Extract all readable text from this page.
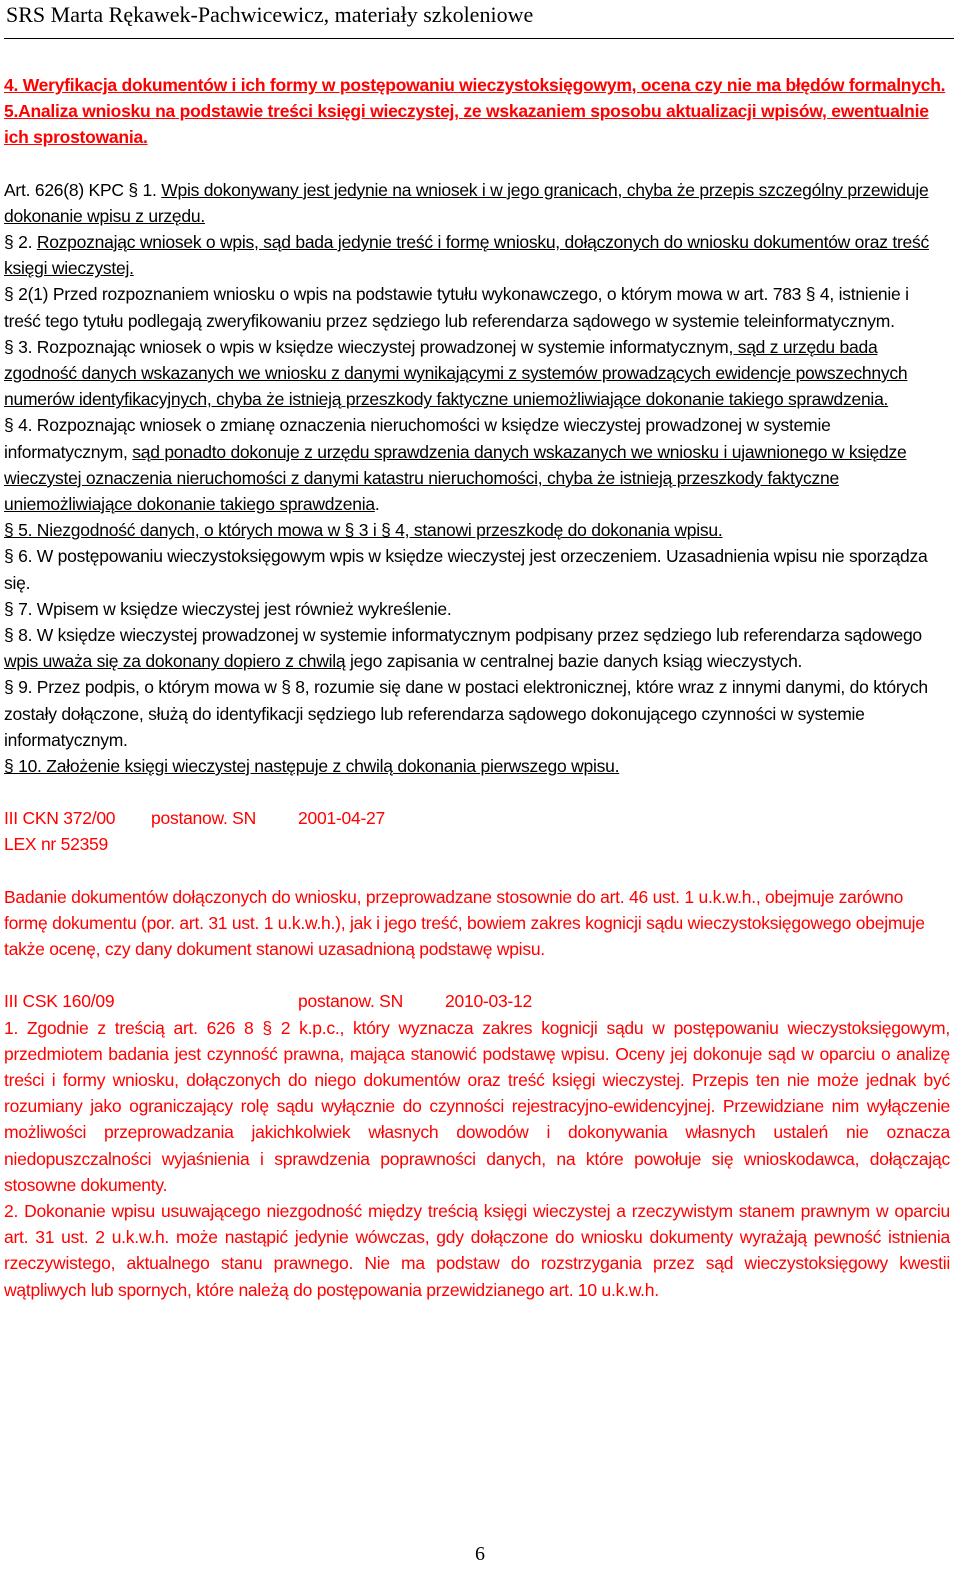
SRS Marta Rękawek-Pachwicewicz, materiały szkoleniowe

4. Weryfikacja dokumentów i ich formy w postępowaniu wieczystoksięgowym, ocena czy nie ma błędów formalnych.

5.Analiza wniosku na podstawie treści księgi wieczystej, ze wskazaniem sposobu aktualizacji wpisów, ewentualnie ich sprostowania.

Art. 626(8) KPC § 1. Wpis dokonywany jest jedynie na wniosek i w jego granicach, chyba że przepis szczególny przewiduje dokonanie wpisu z urzędu.

§ 2. Rozpoznając wniosek o wpis, sąd bada jedynie treść i formę wniosku, dołączonych do wniosku dokumentów oraz treść księgi wieczystej.

§ 2(1) Przed rozpoznaniem wniosku o wpis na podstawie tytułu wykonawczego, o którym mowa w art. 783 § 4, istnienie i treść tego tytułu podlegają zweryfikowaniu przez sędziego lub referendarza sądowego w systemie teleinformatycznym.

§ 3. Rozpoznając wniosek o wpis w księdze wieczystej prowadzonej w systemie informatycznym, sąd z urzędu bada zgodność danych wskazanych we wniosku z danymi wynikającymi z systemów prowadzących ewidencje powszechnych numerów identyfikacyjnych, chyba że istnieją przeszkody faktyczne uniemożliwiające dokonanie takiego sprawdzenia.

§ 4. Rozpoznając wniosek o zmianę oznaczenia nieruchomości w księdze wieczystej prowadzonej w systemie informatycznym, sąd ponadto dokonuje z urzędu sprawdzenia danych wskazanych we wniosku i ujawnionego w księdze wieczystej oznaczenia nieruchomości z danymi katastru nieruchomości, chyba że istnieją przeszkody faktyczne uniemożliwiające dokonanie takiego sprawdzenia.

§ 5. Niezgodność danych, o których mowa w § 3 i § 4, stanowi przeszkodę do dokonania wpisu.

§ 6. W postępowaniu wieczystoksięgowym wpis w księdze wieczystej jest orzeczeniem. Uzasadnienia wpisu nie sporządza się.

§ 7. Wpisem w księdze wieczystej jest również wykreślenie.

§ 8. W księdze wieczystej prowadzonej w systemie informatycznym podpisany przez sędziego lub referendarza sądowego wpis uważa się za dokonany dopiero z chwilą jego zapisania w centralnej bazie danych ksiąg wieczystych.

§ 9. Przez podpis, o którym mowa w § 8, rozumie się dane w postaci elektronicznej, które wraz z innymi danymi, do których zostały dołączone, służą do identyfikacji sędziego lub referendarza sądowego dokonującego czynności w systemie informatycznym.

§ 10. Założenie księgi wieczystej następuje z chwilą dokonania pierwszego wpisu.

III CKN 372/00 postanow. SN 2001-04-27

LEX nr 52359

Badanie dokumentów dołączonych do wniosku, przeprowadzane stosownie do art. 46 ust. 1 u.k.w.h., obejmuje zarówno formę dokumentu (por. art. 31 ust. 1 u.k.w.h.), jak i jego treść, bowiem zakres kognicji sądu wieczystoksięgowego obejmuje także ocenę, czy dany dokument stanowi uzasadnioną podstawę wpisu.

III CSK 160/09	postanow. SN 2010-03-12

1. Zgodnie z treścią art. 626 8 § 2 k.p.c., który wyznacza zakres kognicji sądu w postępowaniu wieczystoksięgowym, przedmiotem badania jest czynność prawna, mająca stanowić podstawę wpisu. Oceny jej dokonuje sąd w oparciu o analizę treści i formy wniosku, dołączonych do niego dokumentów oraz treść księgi wieczystej. Przepis ten nie może jednak być rozumiany jako ograniczający rolę sądu wyłącznie do czynności rejestracyjno-ewidencyjnej. Przewidziane nim wyłączenie możliwości przeprowadzania jakichkolwiek własnych dowodów i dokonywania własnych ustaleń nie oznacza niedopuszczalności wyjaśnienia i sprawdzenia poprawności danych, na które powołuje się wnioskodawca, dołączając stosowne dokumenty.

2. Dokonanie wpisu usuwającego niezgodność między treścią księgi wieczystej a rzeczywistym stanem prawnym w oparciu art. 31 ust. 2 u.k.w.h. może nastąpić jedynie wówczas, gdy dołączone do wniosku dokumenty wyrażają pewność istnienia rzeczywistego, aktualnego stanu prawnego. Nie ma podstaw do rozstrzygania przez sąd wieczystoksięgowy kwestii wątpliwych lub spornych, które należą do postępowania przewidzianego art. 10 u.k.w.h.

6
